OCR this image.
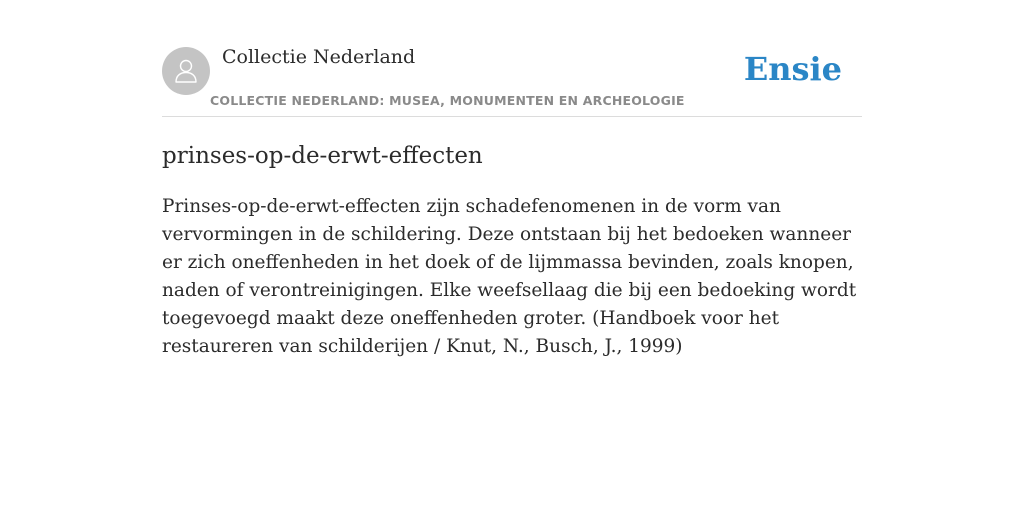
Collectie Nederland
COLLECTIE NEDERLAND: MUSEA, MONUMENTEN EN ARCHEOLOGIE
Ensie
prinses-op-de-erwt-effecten

Prinses-op-de-erwt-effecten zijn schadefenomenen in de vorm van vervormingen in de schildering. Deze ontstaan bij het bedoeken wanneer er zich oneffenheden in het doek of de lijmmassa bevinden, zoals knopen, naden of verontreinigingen. Elke weefsellaag die bij een bedoeking wordt toegevoegd maakt deze oneffenheden groter. (Handboek voor het restaureren van schilderijen / Knut, N., Busch, J., 1999)
